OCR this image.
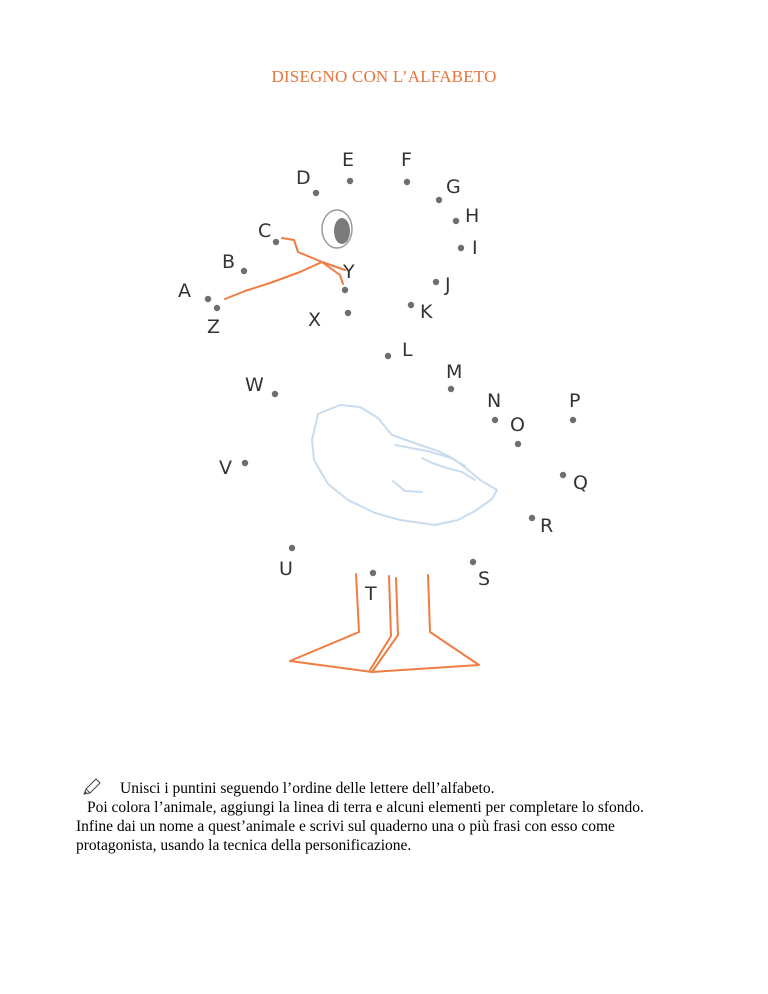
DISEGNO CON L’ALFABETO
A
B
C
D
E F
G
H
I
J
K
L
M
N
O
P
Q
R
S
T
U
V
W
X
Y
Z

Unisci i puntini seguendo l’ordine delle lettere dell’alfabeto.

Poi colora l’animale, aggiungi la linea di terra e alcuni elementi per completare lo sfondo.

Infine dai un nome a quest’animale e scrivi sul quaderno una o più frasi con esso come protagonista, usando la tecnica della personificazione.
